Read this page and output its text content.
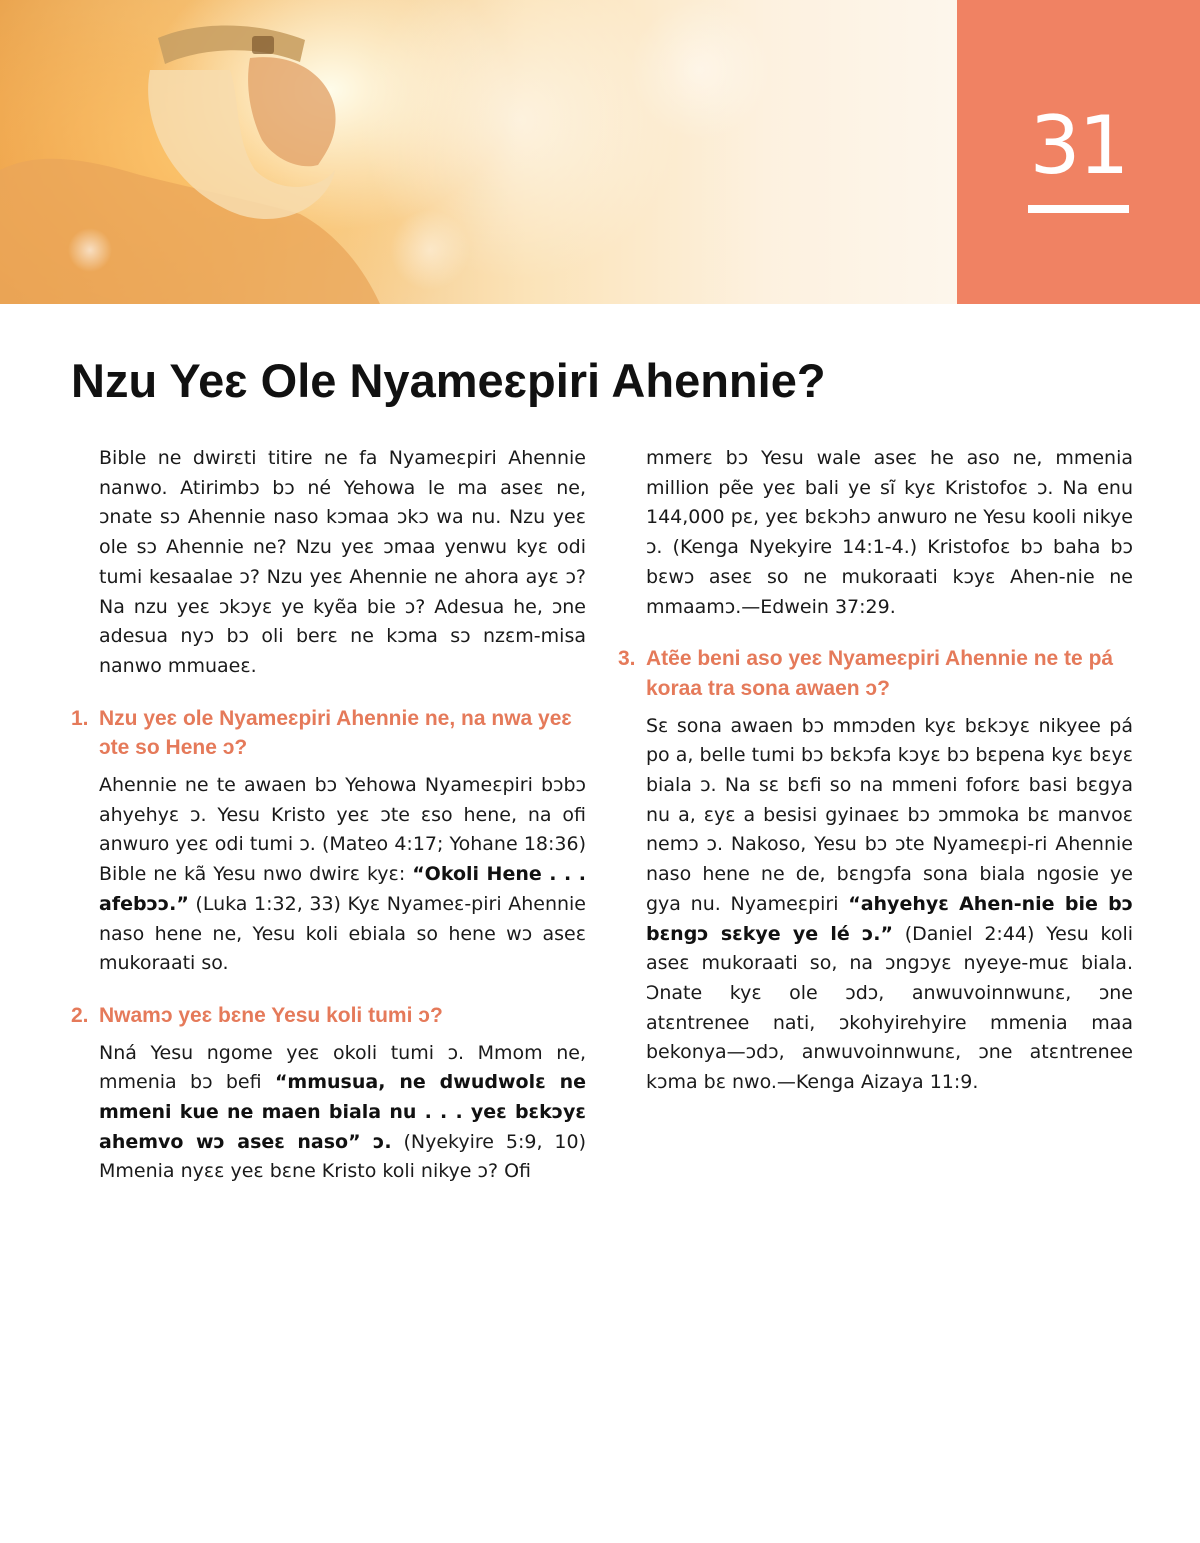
31
Nzu Yeɛ Ole Nyameɛpiri Ahennie?

Bible ne dwirɛti titire ne fa Nyameɛpiri Ahennie nanwo. Atirimbɔ bɔ né Yehowa le ma aseɛ ne, ɔnate sɔ Ahennie naso kɔmaa ɔkɔ wa nu. Nzu yeɛ ole sɔ Ahennie ne? Nzu yeɛ ɔmaa yenwu kyɛ odi tumi kesaalae ɔ? Nzu yeɛ Ahennie ne ahora ayɛ ɔ? Na nzu yeɛ ɔkɔyɛ ye kyẽa bie ɔ? Adesua he, ɔne adesua nyɔ bɔ oli berɛ ne kɔma sɔ nzɛm-misa nanwo mmuaeɛ.

1. Nzu yeɛ ole Nyameɛpiri Ahennie ne, na nwa yeɛ ɔte so Hene ɔ?

Ahennie ne te awaen bɔ Yehowa Nyameɛpiri bɔbɔ ahyehyɛ ɔ. Yesu Kristo yeɛ ɔte ɛso hene, na ofi anwuro yeɛ odi tumi ɔ. (Mateo 4:17; Yohane 18:36) Bible ne kã Yesu nwo dwirɛ kyɛ: “Okoli Hene . . . afebɔɔ.” (Luka 1:32, 33) Kyɛ Nyameɛ-piri Ahennie naso hene ne, Yesu koli ebiala so hene wɔ aseɛ mukoraati so.

2. Nwamɔ yeɛ bɛne Yesu koli tumi ɔ?

Nná Yesu ngome yeɛ okoli tumi ɔ. Mmom ne, mmenia bɔ befi “mmusua, ne dwudwolɛ ne mmeni kue ne maen biala nu . . . yeɛ bɛkɔyɛ ahemvo wɔ aseɛ naso” ɔ. (Nyekyire 5:9, 10) Mmenia nyɛɛ yeɛ bɛne Kristo koli nikye ɔ? Ofi

mmerɛ bɔ Yesu wale aseɛ he aso ne, mmenia million pẽe yeɛ bali ye sĩ kyɛ Kristofoɛ ɔ. Na enu 144,000 pɛ, yeɛ bɛkɔhɔ anwuro ne Yesu kooli nikye ɔ. (Kenga Nyekyire 14:1-4.) Kristofoɛ bɔ baha bɔ bɛwɔ aseɛ so ne mukoraati kɔyɛ Ahen-nie ne mmaamɔ.—Edwein 37:29.

3. Atẽe beni aso yeɛ Nyameɛpiri Ahennie ne te pá koraa tra sona awaen ɔ?

Sɛ sona awaen bɔ mmɔden kyɛ bɛkɔyɛ nikyee pá po a, belle tumi bɔ bɛkɔfa kɔyɛ bɔ bɛpena kyɛ bɛyɛ biala ɔ. Na sɛ bɛfi so na mmeni foforɛ basi bɛgya nu a, ɛyɛ a besisi gyinaeɛ bɔ ɔmmoka bɛ manvoɛ nemɔ ɔ. Nakoso, Yesu bɔ ɔte Nyameɛpi-ri Ahennie naso hene ne de, bɛngɔfa sona biala ngosie ye gya nu. Nyameɛpiri “ahyehyɛ Ahen-nie bie bɔ bɛngɔ sɛkye ye lé ɔ.” (Daniel 2:44) Yesu koli aseɛ mukoraati so, na ɔngɔyɛ nyeye-muɛ biala. Ɔnate kyɛ ole ɔdɔ, anwuvoinnwunɛ, ɔne atɛntrenee nati, ɔkohyirehyire mmenia maa bekonya—ɔdɔ, anwuvoinnwunɛ, ɔne atɛntrenee kɔma bɛ nwo.—Kenga Aizaya 11:9.
